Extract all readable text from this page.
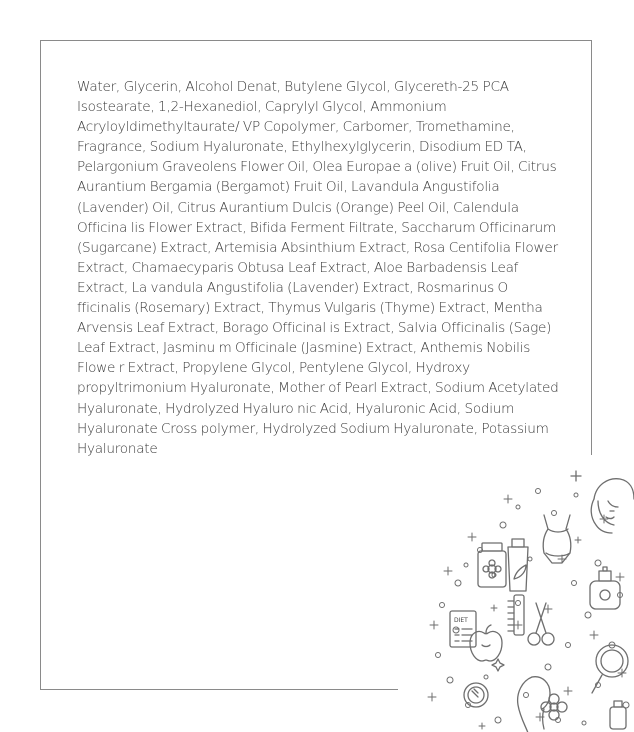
Water, Glycerin, Alcohol Denat, Butylene Glycol, Glycereth-25 PCA Isostearate, 1,2-Hexanediol, Caprylyl Glycol, Ammonium Acryloyldimethyltaurate/ VP Copolymer, Carbomer, Tromethamine, Fragrance, Sodium Hyaluronate, Ethylhexylglycerin, Disodium ED TA, Pelargonium Graveolens Flower Oil, Olea Europae a (olive) Fruit Oil, Citrus Aurantium Bergamia (Bergamot) Fruit Oil, Lavandula Angustifolia (Lavender) Oil, Citrus Aurantium Dulcis (Orange) Peel Oil, Calendula Officina lis Flower Extract, Bifida Ferment Filtrate, Saccharum Officinarum (Sugarcane) Extract, Artemisia Absinthium Extract, Rosa Centifolia Flower Extract, Chamaecyparis Obtusa Leaf Extract, Aloe Barbadensis Leaf Extract, La vandula Angustifolia (Lavender) Extract, Rosmarinus O fficinalis (Rosemary) Extract, Thymus Vulgaris (Thyme) Extract, Mentha Arvensis Leaf Extract, Borago Officinal is Extract, Salvia Officinalis (Sage) Leaf Extract, Jasminu m Officinale (Jasmine) Extract, Anthemis Nobilis Flowe r Extract, Propylene Glycol, Pentylene Glycol, Hydroxy propyltrimonium Hyaluronate, Mother of Pearl Extract, Sodium Acetylated Hyaluronate, Hydrolyzed Hyaluro nic Acid, Hyaluronic Acid, Sodium Hyaluronate Cross polymer, Hydrolyzed Sodium Hyaluronate, Potassium Hyaluronate

DIET
